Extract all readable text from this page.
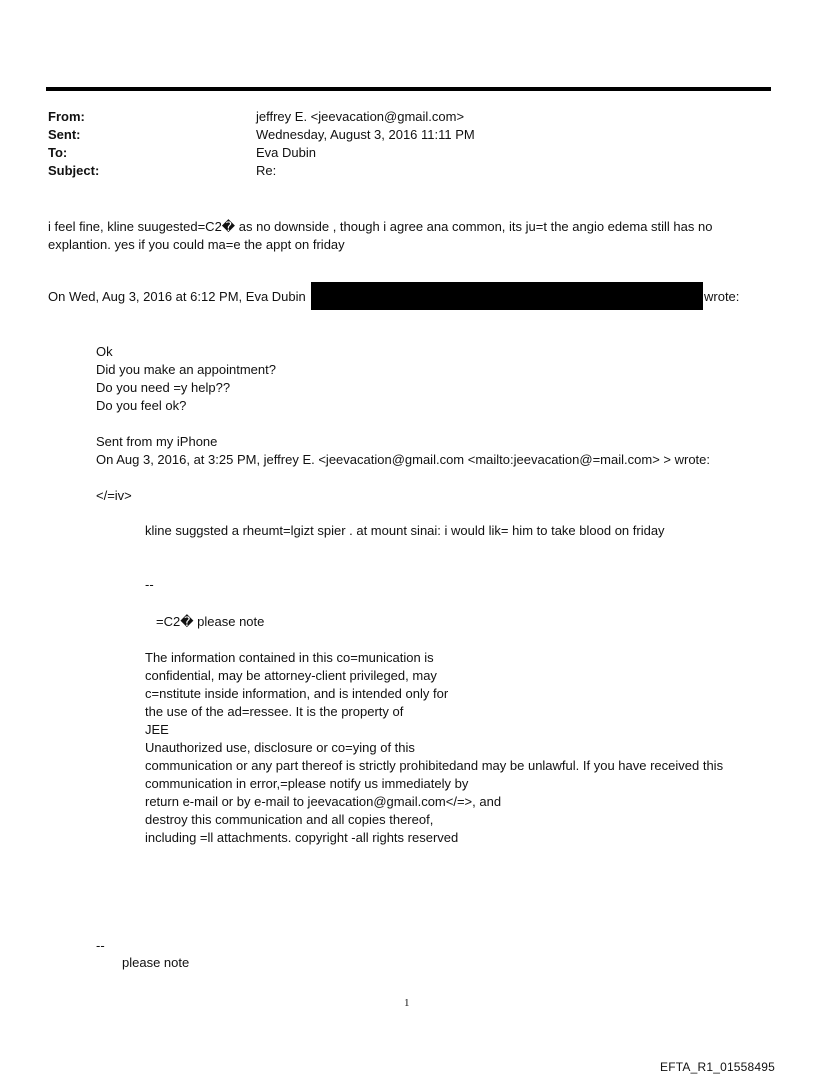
From:	jeffrey E. <jeevacation@gmail.com>
Sent:	Wednesday, August 3, 2016 11:11 PM
To:	Eva Dubin
Subject:	Re:
i feel fine, kline suugested=C2� as no downside , though i agree ana common, its ju=t the angio edema still has no
explantion. yes if you could ma=e the appt on friday
On Wed, Aug 3, 2016 at 6:12 PM, Eva Dubin	wrote:
Ok
Did you make an appointment?
Do you need =y help??
Do you feel ok?
Sent from my iPhone
On Aug 3, 2016, at 3:25 PM, jeffrey E. <jeevacation@gmail.com <mailto:jeevacation@=mail.com> > wrote:
</=iv>
kline suggsted a rheumt=lgizt spier . at mount sinai: i would lik= him to take blood on friday
--
=C2� please note
The information contained in this co=munication is
confidential, may be attorney-client privileged, may
c=nstitute inside information, and is intended only for
the use of the ad=ressee. It is the property of
JEE
Unauthorized use, disclosure or co=ying of this
communication or any part thereof is strictly prohibitedand may be unlawful. If you have received this
communication in error,=please notify us immediately by
return e-mail or by e-mail to jeevacation@gmail.com</=>, and
destroy this communication and all copies thereof,
including =ll attachments. copyright -all rights reserved
--
please note
1
EFTA_R1_01558495
